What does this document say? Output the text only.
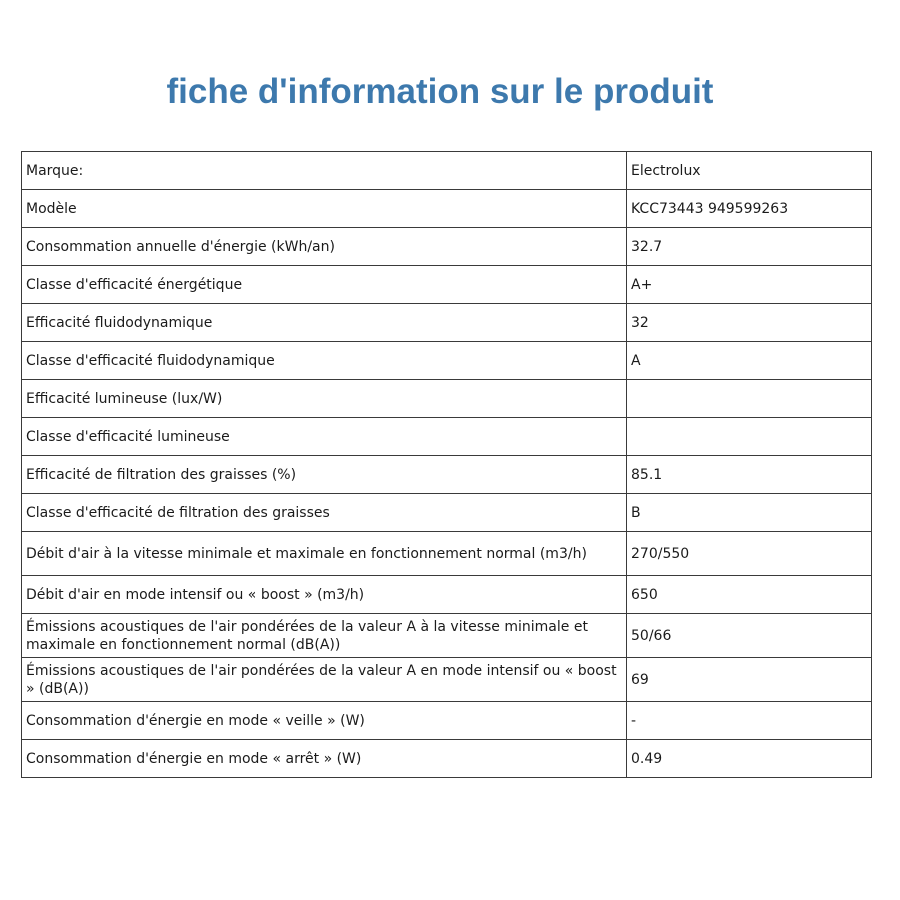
fiche d'information sur le produit
Marque:	Electrolux
Modèle	KCC73443 949599263
Consommation annuelle d'énergie (kWh/an)	32.7
Classe d'efficacité énergétique	A+
Efficacité fluidodynamique	32
Classe d'efficacité fluidodynamique	A
Efficacité lumineuse (lux/W)	
Classe d'efficacité lumineuse	
Efficacité de filtration des graisses (%)	85.1
Classe d'efficacité de filtration des graisses	B
Débit d'air à la vitesse minimale et maximale en fonctionnement normal (m3/h)	270/550
Débit d'air en mode intensif ou « boost » (m3/h)	650
Émissions acoustiques de l'air pondérées de la valeur A à la vitesse minimale et maximale en fonctionnement normal (dB(A))	50/66
Émissions acoustiques de l'air pondérées de la valeur A en mode intensif ou « boost » (dB(A))	69
Consommation d'énergie en mode « veille » (W)	-
Consommation d'énergie en mode « arrêt » (W)	0.49
